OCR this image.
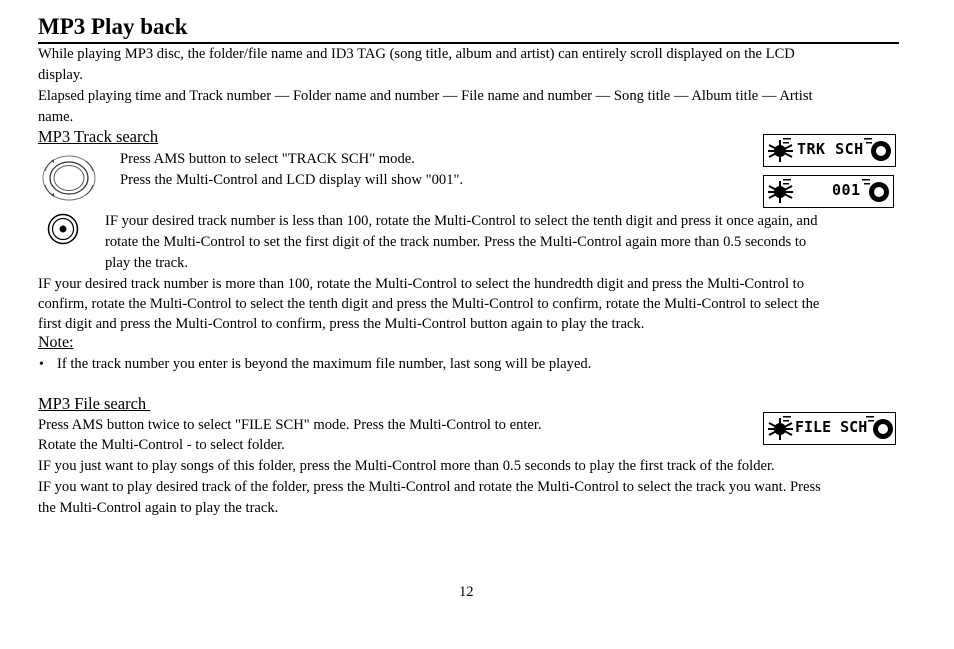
MP3 Play back
While playing MP3 disc, the folder/file name and ID3 TAG (song title, album and artist) can entirely scroll displayed on the LCD
display.
Elapsed playing time and Track number — Folder name and number — File name and number — Song title — Album title — Artist
name.
MP3 Track search
Press AMS button to select "TRACK SCH" mode.
Press the Multi-Control and LCD display will show "001".
TRK SCH
001
IF your desired track number is less than 100, rotate the Multi-Control to select the tenth digit and press it once again, and
rotate the Multi-Control to set the first digit of the track number. Press the Multi-Control again more than 0.5 seconds to
play the track.
IF your desired track number is more than 100, rotate the Multi-Control to select the hundredth digit and press the Multi-Control to
confirm, rotate the Multi-Control to select the tenth digit and press the Multi-Control to confirm, rotate the Multi-Control to select the
first digit and press the Multi-Control to confirm, press the Multi-Control button again to play the track.
Note:
• If the track number you enter is beyond the maximum file number, last song will be played.
MP3 File search
FILE SCH
Press AMS button twice to select "FILE SCH" mode. Press the Multi-Control to enter.
Rotate the Multi-Control - to select folder.
IF you just want to play songs of this folder, press the Multi-Control more than 0.5 seconds to play the first track of the folder.
IF you want to play desired track of the folder, press the Multi-Control and rotate the Multi-Control to select the track you want. Press
the Multi-Control again to play the track.
12
